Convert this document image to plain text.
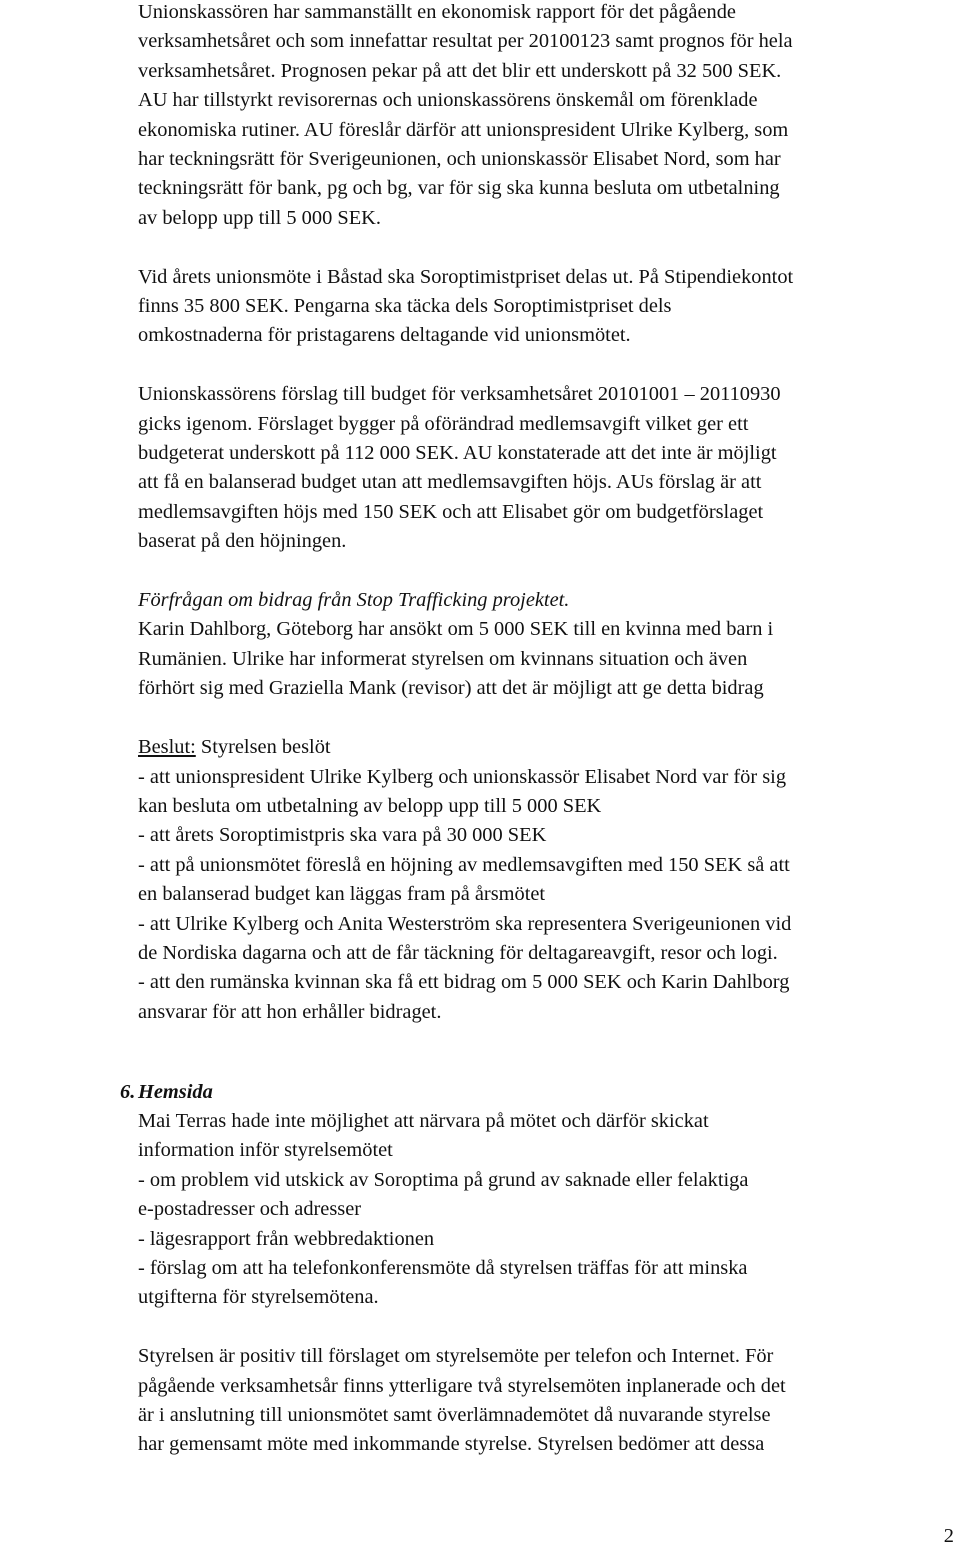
Unionskassören har sammanställt en ekonomisk rapport för det pågående
verksamhetsåret och som innefattar resultat per 20100123 samt prognos för hela
verksamhetsåret. Prognosen pekar på att det blir ett underskott på 32 500 SEK.
AU har tillstyrkt revisorernas och unionskassörens önskemål om förenklade
ekonomiska rutiner. AU föreslår därför att unionspresident Ulrike Kylberg, som
har teckningsrätt för Sverigeunionen, och unionskassör Elisabet Nord, som har
teckningsrätt för bank, pg och bg, var för sig ska kunna besluta om utbetalning
av belopp upp till 5 000 SEK.
Vid årets unionsmöte i Båstad ska Soroptimistpriset delas ut. På Stipendiekontot
finns 35 800 SEK. Pengarna ska täcka dels Soroptimistpriset dels
omkostnaderna för pristagarens deltagande vid unionsmötet.
Unionskassörens förslag till budget för verksamhetsåret 20101001 – 20110930
gicks igenom. Förslaget bygger på oförändrad medlemsavgift vilket ger ett
budgeterat underskott på 112 000 SEK. AU konstaterade att det inte är möjligt
att få en balanserad budget utan att medlemsavgiften höjs. AUs förslag är att
medlemsavgiften höjs med 150 SEK och att Elisabet gör om budgetförslaget
baserat på den höjningen.
Förfrågan om bidrag från Stop Trafficking projektet.
Karin Dahlborg, Göteborg har ansökt om 5 000 SEK till en kvinna med barn i
Rumänien. Ulrike har informerat styrelsen om kvinnans situation och även
förhört sig med Graziella Mank (revisor) att det är möjligt att ge detta bidrag
Beslut: Styrelsen beslöt
- att unionspresident Ulrike Kylberg och unionskassör Elisabet Nord var för sig
kan besluta om utbetalning av belopp upp till 5 000 SEK
- att årets Soroptimistpris ska vara på 30 000 SEK
- att på unionsmötet föreslå en höjning av medlemsavgiften med 150 SEK så att
en balanserad budget kan läggas fram på årsmötet
- att Ulrike Kylberg och Anita Westerström ska representera Sverigeunionen vid
de Nordiska dagarna och att de får täckning för deltagareavgift, resor och logi.
- att den rumänska kvinnan ska få ett bidrag om 5 000 SEK och Karin Dahlborg
ansvarar för att hon erhåller bidraget.
6. Hemsida
Mai Terras hade inte möjlighet att närvara på mötet och därför skickat
information inför styrelsemötet
- om problem vid utskick av Soroptima på grund av saknade eller felaktiga
e-postadresser och adresser
- lägesrapport från webbredaktionen
- förslag om att ha telefonkonferensmöte då styrelsen träffas för att minska
utgifterna för styrelsemötena.
Styrelsen är positiv till förslaget om styrelsemöte per telefon och Internet. För
pågående verksamhetsår finns ytterligare två styrelsemöten inplanerade och det
är i anslutning till unionsmötet samt överlämnademötet då nuvarande styrelse
har gemensamt möte med inkommande styrelse. Styrelsen bedömer att dessa
2
